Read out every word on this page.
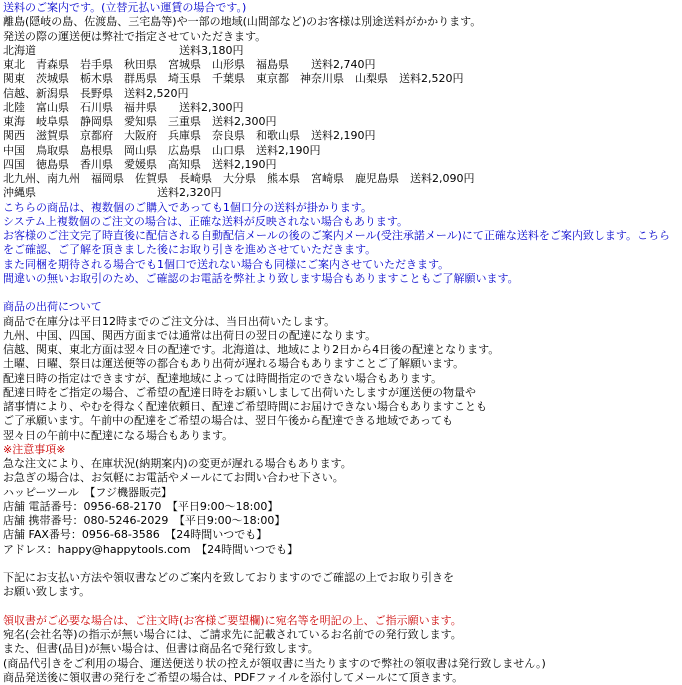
送料のご案内です。(立替元払い運賃の場合です。)
離島(隠岐の島、佐渡島、三宅島等)や一部の地域(山間部など)のお客様は別途送料がかかります。
発送の際の運送便は弊社で指定させていただきます。
北海道　　　　　　　　　　　　　送料3,180円
東北　青森県　岩手県　秋田県　宮城県　山形県　福島県　　送料2,740円
関東　茨城県　栃木県　群馬県　埼玉県　千葉県　東京都　神奈川県　山梨県　送料2,520円
信越、新潟県　長野県　送料2,520円
北陸　富山県　石川県　福井県　　送料2,300円
東海　岐阜県　静岡県　愛知県　三重県　送料2,300円
関西　滋賀県　京都府　大阪府　兵庫県　奈良県　和歌山県　送料2,190円
中国　鳥取県　島根県　岡山県　広島県　山口県　送料2,190円
四国　徳島県　香川県　愛媛県　高知県　送料2,190円
北九州、南九州　福岡県　佐賀県　長崎県　大分県　熊本県　宮崎県　鹿児島県　送料2,090円
沖縄県　　　　　　　　　　　送料2,320円
こちらの商品は、複数個のご購入であっても1個口分の送料が掛かります。
システム上複数個のご注文の場合は、正確な送料が反映されない場合もあります。
お客様のご注文完了時直後に配信される自動配信メールの後のご案内メール(受注承諾メール)にて正確な送料をご案内致します。こちらをご確認、ご了解を頂きました後にお取り引きを進めさせていただきます。
また同梱を期待される場合でも1個口で送れない場合も同様にご案内させていただきます。
間違いの無いお取引のため、ご確認のお電話を弊社より致します場合もありますこともご了解願います。
商品の出荷について
商品で在庫分は平日12時までのご注文分は、当日出荷いたします。
九州、中国、四国、関西方面までは通常は出荷日の翌日の配達になります。
信越、関東、東北方面は翌々日の配達です。北海道は、地域により2日から4日後の配達となります。
土曜、日曜、祭日は運送便等の都合もあり出荷が遅れる場合もありますことご了解願います。
配達日時の指定はできますが、配達地域によっては時間指定のできない場合もあります。
配達日時をご指定の場合、ご希望の配達日時をお願いしまして出荷いたしますが運送便の物量や
諸事情により、やむを得なく配達依頼日、配達ご希望時間にお届けできない場合もありますことも
ご了承願います。午前中の配達をご希望の場合は、翌日午後から配達できる地域であっても
翌々日の午前中に配達になる場合もあります。
※注意事項※
急な注文により、在庫状況(納期案内)の変更が遅れる場合もあります。
お急ぎの場合は、お気軽にお電話やメールにてお問い合わせ下さい。
ハッピーツール　【フジ機器販売】
店舗 電話番号：0956-68-2170　【平日9:00～18:00】
店舗 携帯番号：080-5246-2029　【平日9:00～18:00】
店舗 FAX番号：0956-68-3586　【24時間いつでも】
アドレス：happy@happytools.com　【24時間いつでも】
下記にお支払い方法や領収書などのご案内を致しておりますのでご確認の上でお取り引きを
お願い致します。
領収書がご必要な場合は、ご注文時(お客様ご要望欄)に宛名等を明記の上、ご指示願います。
宛名(会社名等)の指示が無い場合には、ご請求先に記載されているお名前での発行致します。
また、但書(品目)が無い場合は、但書は商品名で発行致します。
(商品代引きをご利用の場合、運送便送り状の控えが領収書に当たりますので弊社の領収書は発行致しません。)
商品発送後に領収書の発行をご希望の場合は、PDFファイルを添付してメールにて頂きます。
